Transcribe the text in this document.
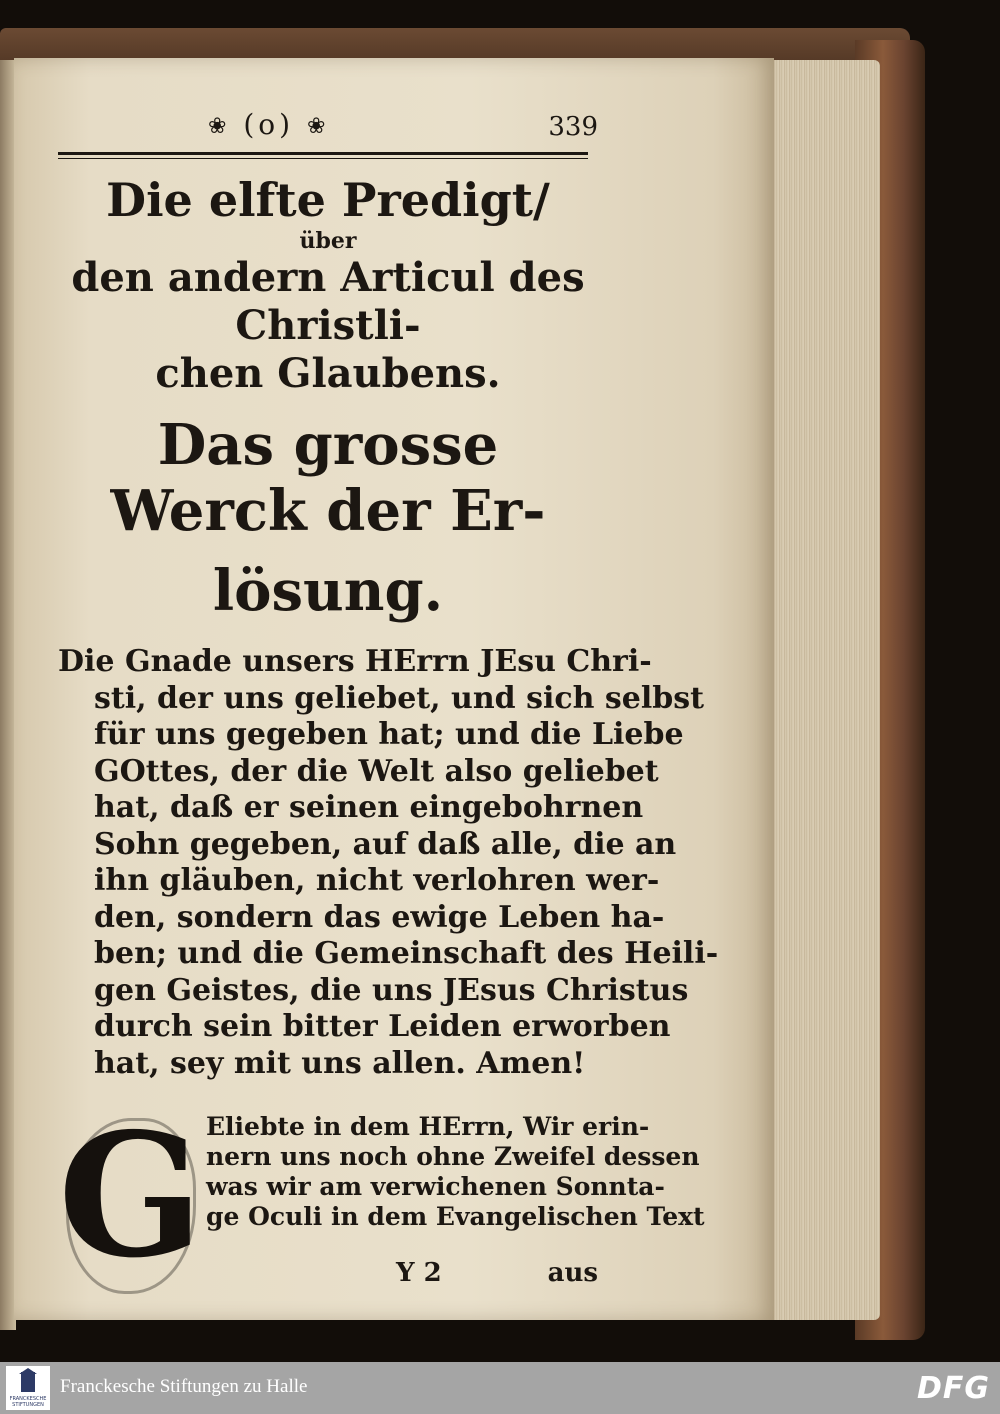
❀ (o) ❀	339
Die elfte Predigt/
über
den andern Articul des Christli-
chen Glaubens.
Das grosse Werck der Er-
lösung.
Die Gnade unsers HErrn JEsu Chri-
sti, der uns geliebet, und sich selbst
für uns gegeben hat; und die Liebe
GOttes, der die Welt also geliebet
hat, daß er seinen eingebohrnen
Sohn gegeben, auf daß alle, die an
ihn gläuben, nicht verlohren wer-
den, sondern das ewige Leben ha-
ben; und die Gemeinschaft des Heili-
gen Geistes, die uns JEsus Christus
durch sein bitter Leiden erworben
hat, sey mit uns allen. Amen!
G Eliebte in dem HErrn, Wir erin-
nern uns noch ohne Zweifel dessen
was wir am verwichenen Sonnta-
ge Oculi in dem Evangelischen Text
Y 2	aus
FRANCKESCHE STIFTUNGEN
Franckesche Stiftungen zu Halle	DFG
